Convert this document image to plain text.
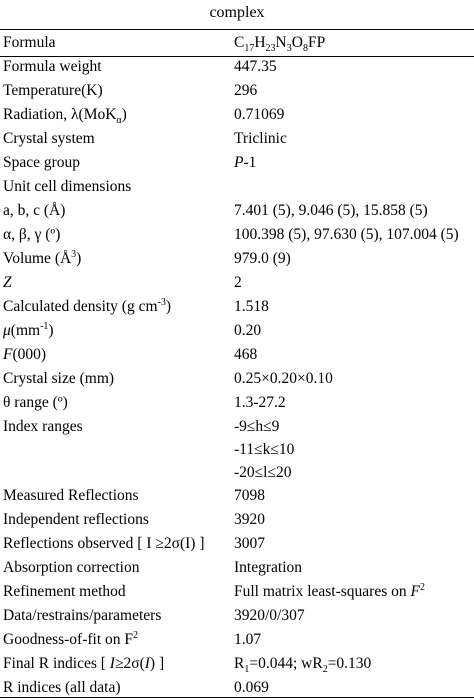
complex
Formula	$C_{17}H_{23}N_3O_8FP$
Formula weight	447.35
Temperature(K)	296
Radiation, λ(MoK$_\alpha$)	0.71069
Crystal system	Triclinic
Space group	P-1
Unit cell dimensions
a, b, c (Å)	7.401 (5), 9.046 (5), 15.858 (5)
α, β, γ (º)	100.398 (5), 97.630 (5), 107.004 (5)
Volume $(Å^3)$	979.0 (9)
Z	2
Calculated density (g $cm^{-3}$)	1.518
$\mu(mm^{-1})$	0.20
F(000)	468
Crystal size (mm)	0.25×0.20×0.10
θ range (º)	1.3-27.2
Index ranges	-9≤h≤9
-11≤k≤10
-20≤l≤20
Measured Reflections	7098
Independent reflections	3920
Reflections observed [ I ≥2σ(I) ] 3007
Absorption correction	Integration
Refinement method	Full matrix least-squares on $F^2$
Data/restrains/parameters	3920/0/307
Goodness-of-fit on $F^2$	1.07
Final R indices [ I≥2σ(I) ]	$R_1=0.044$; $wR_2=0.130$
R indices (all data)	0.069
